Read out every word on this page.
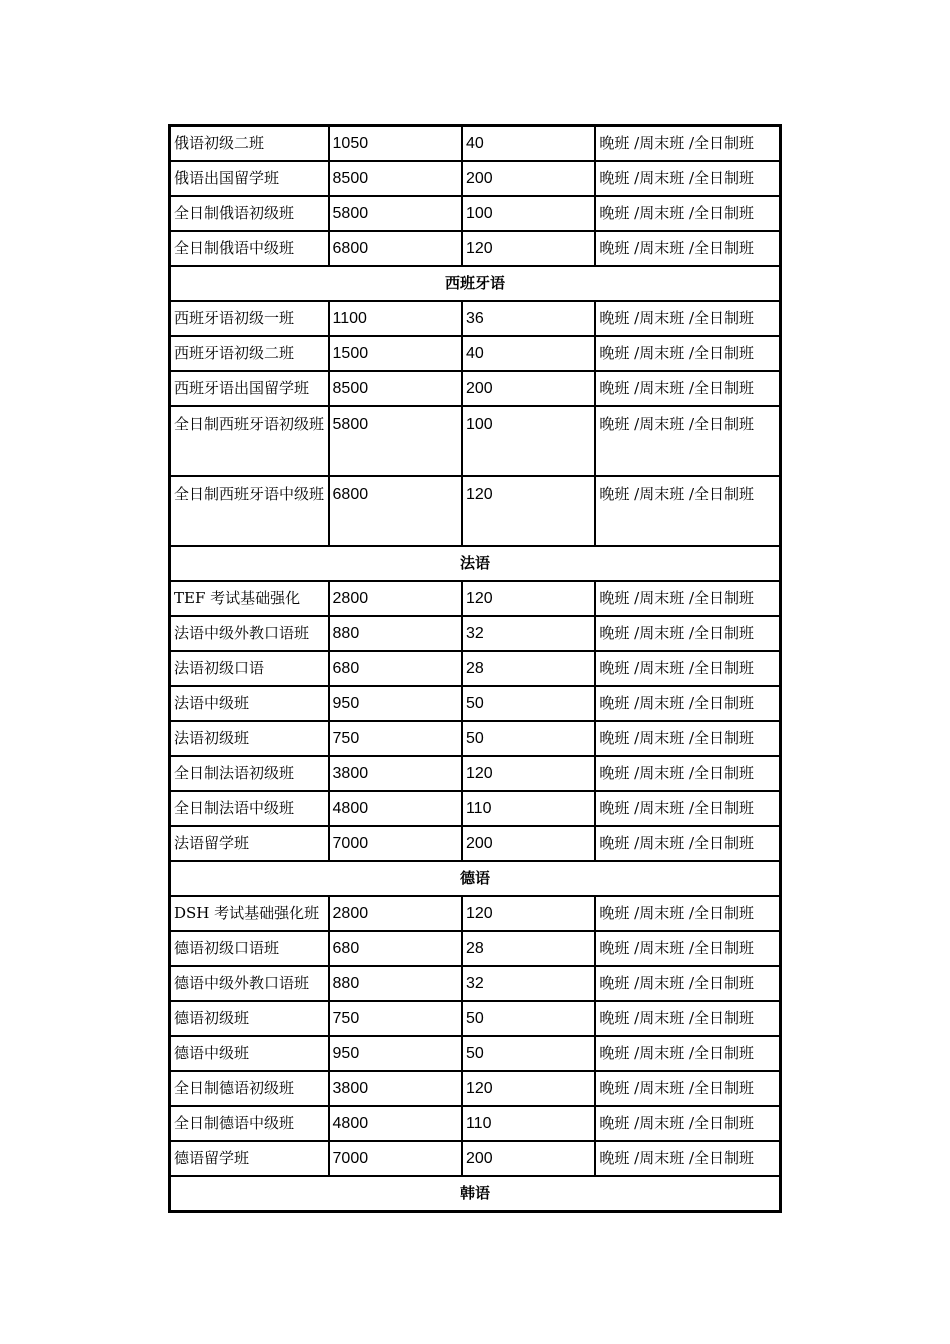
俄语初级二班	1050	40	晚班 /周末班 /全日制班
俄语出国留学班	8500	200	晚班 /周末班 /全日制班
全日制俄语初级班	5800	100	晚班 /周末班 /全日制班
全日制俄语中级班	6800	120	晚班 /周末班 /全日制班
西班牙语			
西班牙语初级一班	1100	36	晚班 /周末班 /全日制班
西班牙语初级二班	1500	40	晚班 /周末班 /全日制班
西班牙语出国留学班	8500	200	晚班 /周末班 /全日制班
全日制西班牙语初级班	5800	100	晚班 /周末班 /全日制班
全日制西班牙语中级班	6800	120	晚班 /周末班 /全日制班
法语			
TEF 考试基础强化	2800	120	晚班 /周末班 /全日制班
法语中级外教口语班	880	32	晚班 /周末班 /全日制班
法语初级口语	680	28	晚班 /周末班 /全日制班
法语中级班	950	50	晚班 /周末班 /全日制班
法语初级班	750	50	晚班 /周末班 /全日制班
全日制法语初级班	3800	120	晚班 /周末班 /全日制班
全日制法语中级班	4800	110	晚班 /周末班 /全日制班
法语留学班	7000	200	晚班 /周末班 /全日制班
德语			
DSH 考试基础强化班	2800	120	晚班 /周末班 /全日制班
德语初级口语班	680	28	晚班 /周末班 /全日制班
德语中级外教口语班	880	32	晚班 /周末班 /全日制班
德语初级班	750	50	晚班 /周末班 /全日制班
德语中级班	950	50	晚班 /周末班 /全日制班
全日制德语初级班	3800	120	晚班 /周末班 /全日制班
全日制德语中级班	4800	110	晚班 /周末班 /全日制班
德语留学班	7000	200	晚班 /周末班 /全日制班
韩语			
